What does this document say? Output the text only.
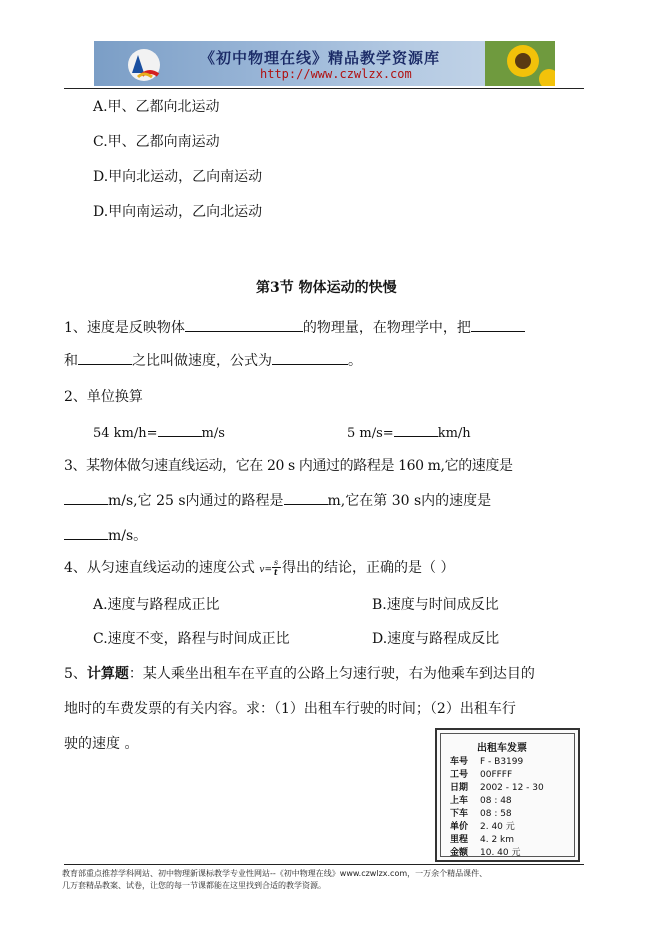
《初中物理在线》精品教学资源库
http://www.czwlzx.com
A.甲、乙都向北运动
C.甲、乙都向南运动
D.甲向北运动，乙向南运动
D.甲向南运动，乙向北运动
第3节 物体运动的快慢
1、速度是反映物体	的物理量，在物理学中，把
和	之比叫做速度，公式为	。
2、单位换算
54 km/h=	m/s	5 m/s=	km/h
3、某物体做匀速直线运动，它在 20 s 内通过的路程是 160 m,它的速度是
m/s,它 25 s内通过的路程是	m,它在第 30 s内的速度是
m/s。
4、从匀速直线运动的速度公式 $v= \frac{s}{t}$ 得出的结论，正确的是（ ）
A.速度与路程成正比	B.速度与时间成反比
C.速度不变，路程与时间成正比	D.速度与路程成反比
5、计算题：某人乘坐出租车在平直的公路上匀速行驶，右为他乘车到达目的
地时的车费发票的有关内容。求：（1）出租车行驶的时间；（2）出租车行
驶的速度 。	出租车发票
车号 F - B3199
工号 00FFFF
日期 2002 - 12 - 30
上车 08 : 48
下车 08 : 58
单价 2. 40 元
里程 4. 2 km
金额 10. 40 元
教育部重点推荐学科网站、初中物理新课标教学专业性网站--《初中物理在线》www.czwlzx.com，一万余个精品课件、
几万套精品教案、试卷，让您的每一节课都能在这里找到合适的教学资源。
